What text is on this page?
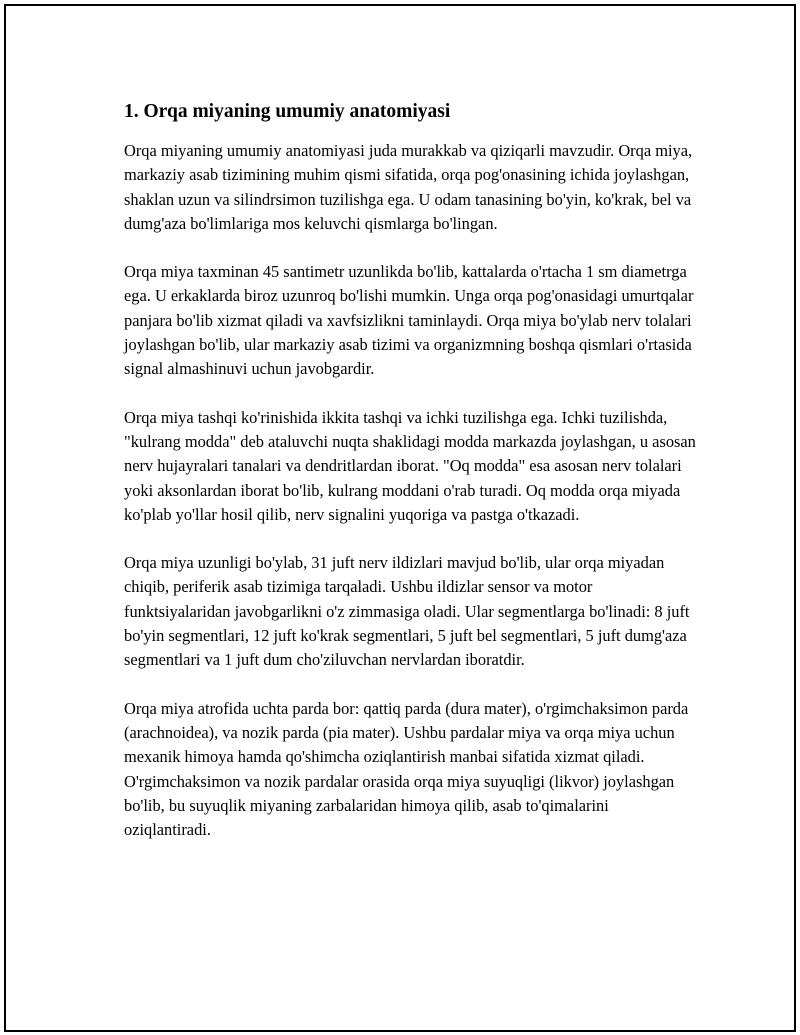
1. Orqa miyaning umumiy anatomiyasi

Orqa miyaning umumiy anatomiyasi juda murakkab va qiziqarli mavzudir. Orqa miya, markaziy asab tizimining muhim qismi sifatida, orqa pog'onasining ichida joylashgan, shaklan uzun va silindrsimon tuzilishga ega. U odam tanasining bo'yin, ko'krak, bel va dumg'aza bo'limlariga mos keluvchi qismlarga bo'lingan.

Orqa miya taxminan 45 santimetr uzunlikda bo'lib, kattalarda o'rtacha 1 sm diametrga ega. U erkaklarda biroz uzunroq bo'lishi mumkin. Unga orqa pog'onasidagi umurtqalar panjara bo'lib xizmat qiladi va xavfsizlikni taminlaydi. Orqa miya bo'ylab nerv tolalari joylashgan bo'lib, ular markaziy asab tizimi va organizmning boshqa qismlari o'rtasida signal almashinuvi uchun javobgardir.

Orqa miya tashqi ko'rinishida ikkita tashqi va ichki tuzilishga ega. Ichki tuzilishda, "kulrang modda" deb ataluvchi nuqta shaklidagi modda markazda joylashgan, u asosan nerv hujayralari tanalari va dendritlardan iborat. "Oq modda" esa asosan nerv tolalari yoki aksonlardan iborat bo'lib, kulrang moddani o'rab turadi. Oq modda orqa miyada ko'plab yo'llar hosil qilib, nerv signalini yuqoriga va pastga o'tkazadi.

Orqa miya uzunligi bo'ylab, 31 juft nerv ildizlari mavjud bo'lib, ular orqa miyadan chiqib, periferik asab tizimiga tarqaladi. Ushbu ildizlar sensor va motor funktsiyalaridan javobgarlikni o'z zimmasiga oladi. Ular segmentlarga bo'linadi: 8 juft bo'yin segmentlari, 12 juft ko'krak segmentlari, 5 juft bel segmentlari, 5 juft dumg'aza segmentlari va 1 juft dum cho'ziluvchan nervlardan iboratdir.

Orqa miya atrofida uchta parda bor: qattiq parda (dura mater), o'rgimchaksimon parda (arachnoidea), va nozik parda (pia mater). Ushbu pardalar miya va orqa miya uchun mexanik himoya hamda qo'shimcha oziqlantirish manbai sifatida xizmat qiladi. O'rgimchaksimon va nozik pardalar orasida orqa miya suyuqligi (likvor) joylashgan bo'lib, bu suyuqlik miyaning zarbalaridan himoya qilib, asab to'qimalarini oziqlantiradi.
